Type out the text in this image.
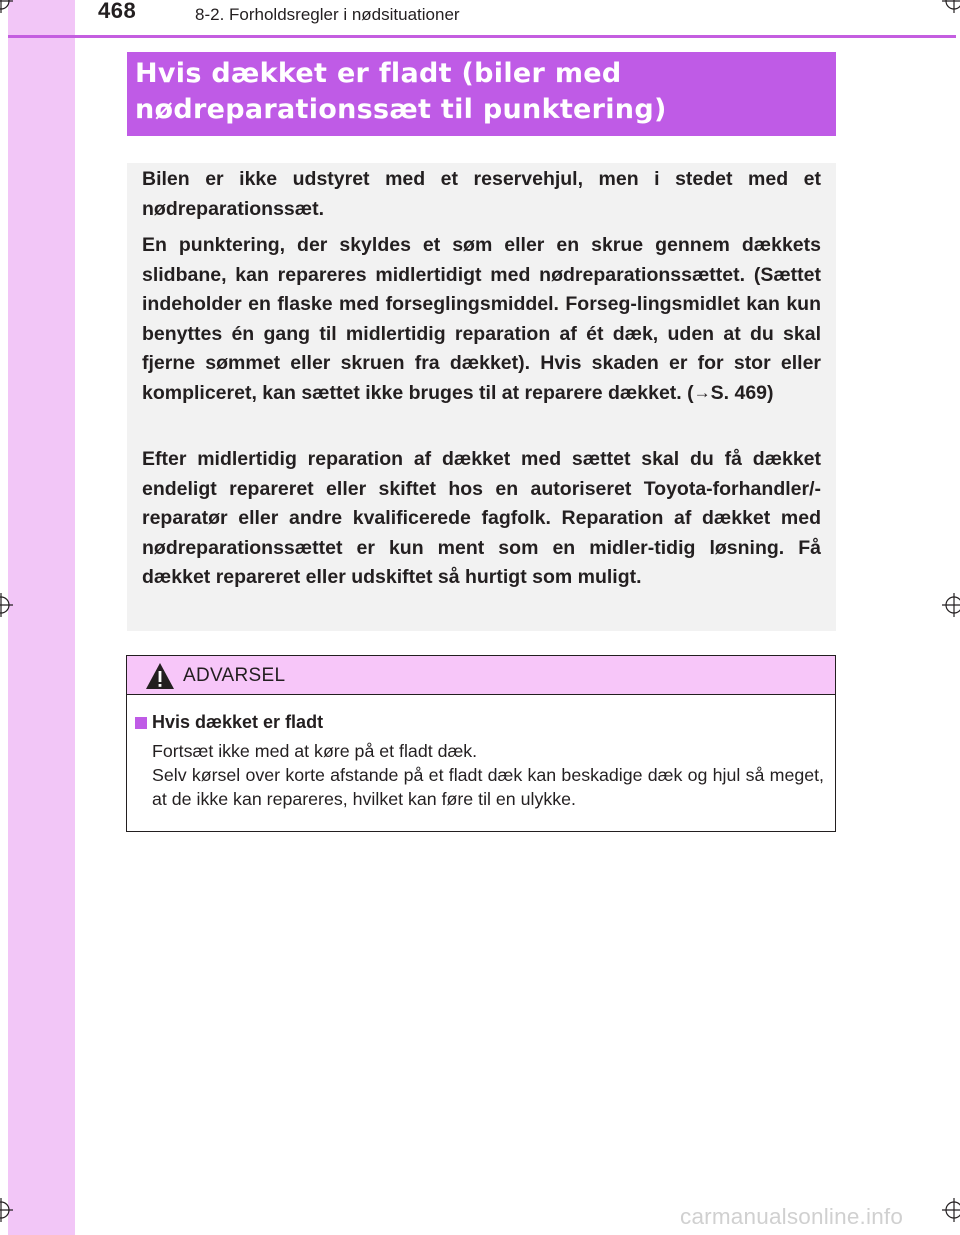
468	8-2. Forholdsregler i nødsituationer
Hvis dækket er fladt (biler med
nødreparationssæt til punktering)

Bilen er ikke udstyret med et reservehjul, men i stedet med et nødreparationssæt.

En punktering, der skyldes et søm eller en skrue gennem dækkets slidbane, kan repareres midlertidigt med nødreparationssættet. (Sættet indeholder en flaske med forseglingsmiddel. Forseg-lingsmidlet kan kun benyttes én gang til midlertidig reparation af ét dæk, uden at du skal fjerne sømmet eller skruen fra dækket). Hvis skaden er for stor eller kompliceret, kan sættet ikke bruges til at reparere dækket. (→S. 469)

Efter midlertidig reparation af dækket med sættet skal du få dækket endeligt repareret eller skiftet hos en autoriseret Toyota-forhandler/-reparatør eller andre kvalificerede fagfolk. Reparation af dækket med nødreparationssættet er kun ment som en midler-tidig løsning. Få dækket repareret eller udskiftet så hurtigt som muligt.

ADVARSEL
Hvis dækket er fladt
Fortsæt ikke med at køre på et fladt dæk.
Selv kørsel over korte afstande på et fladt dæk kan beskadige dæk og hjul så meget, at de ikke kan repareres, hvilket kan føre til en ulykke.
carmanualsonline.info
